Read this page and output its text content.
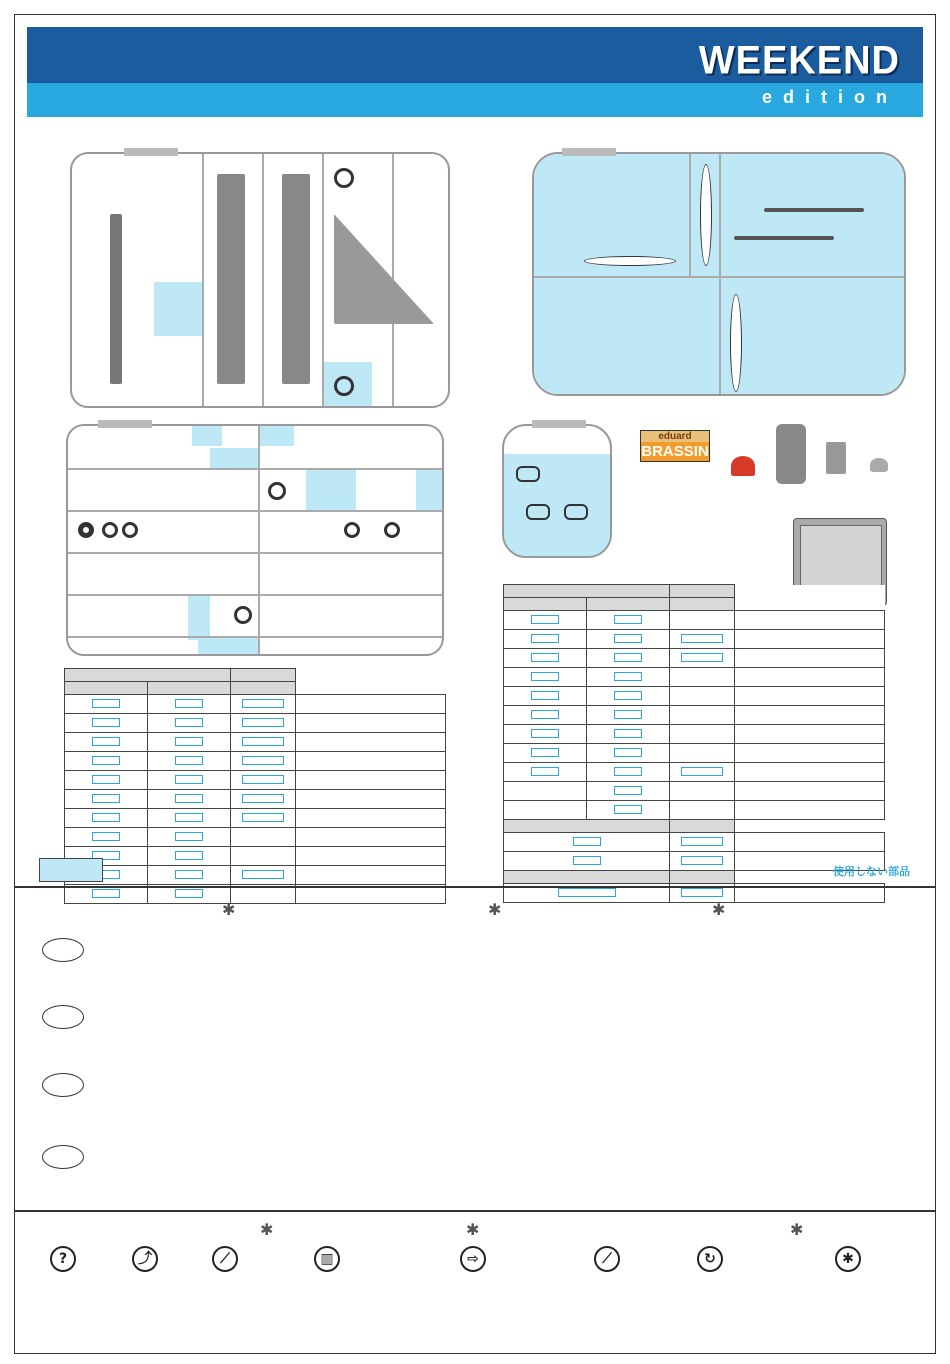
WEEKEND
edition
eduard
BRASSIN

使用しない部品
✱	✱	✱
✱	✱	✱
?	⤴	⟋	▥	⇨	⟋	↻	✱
